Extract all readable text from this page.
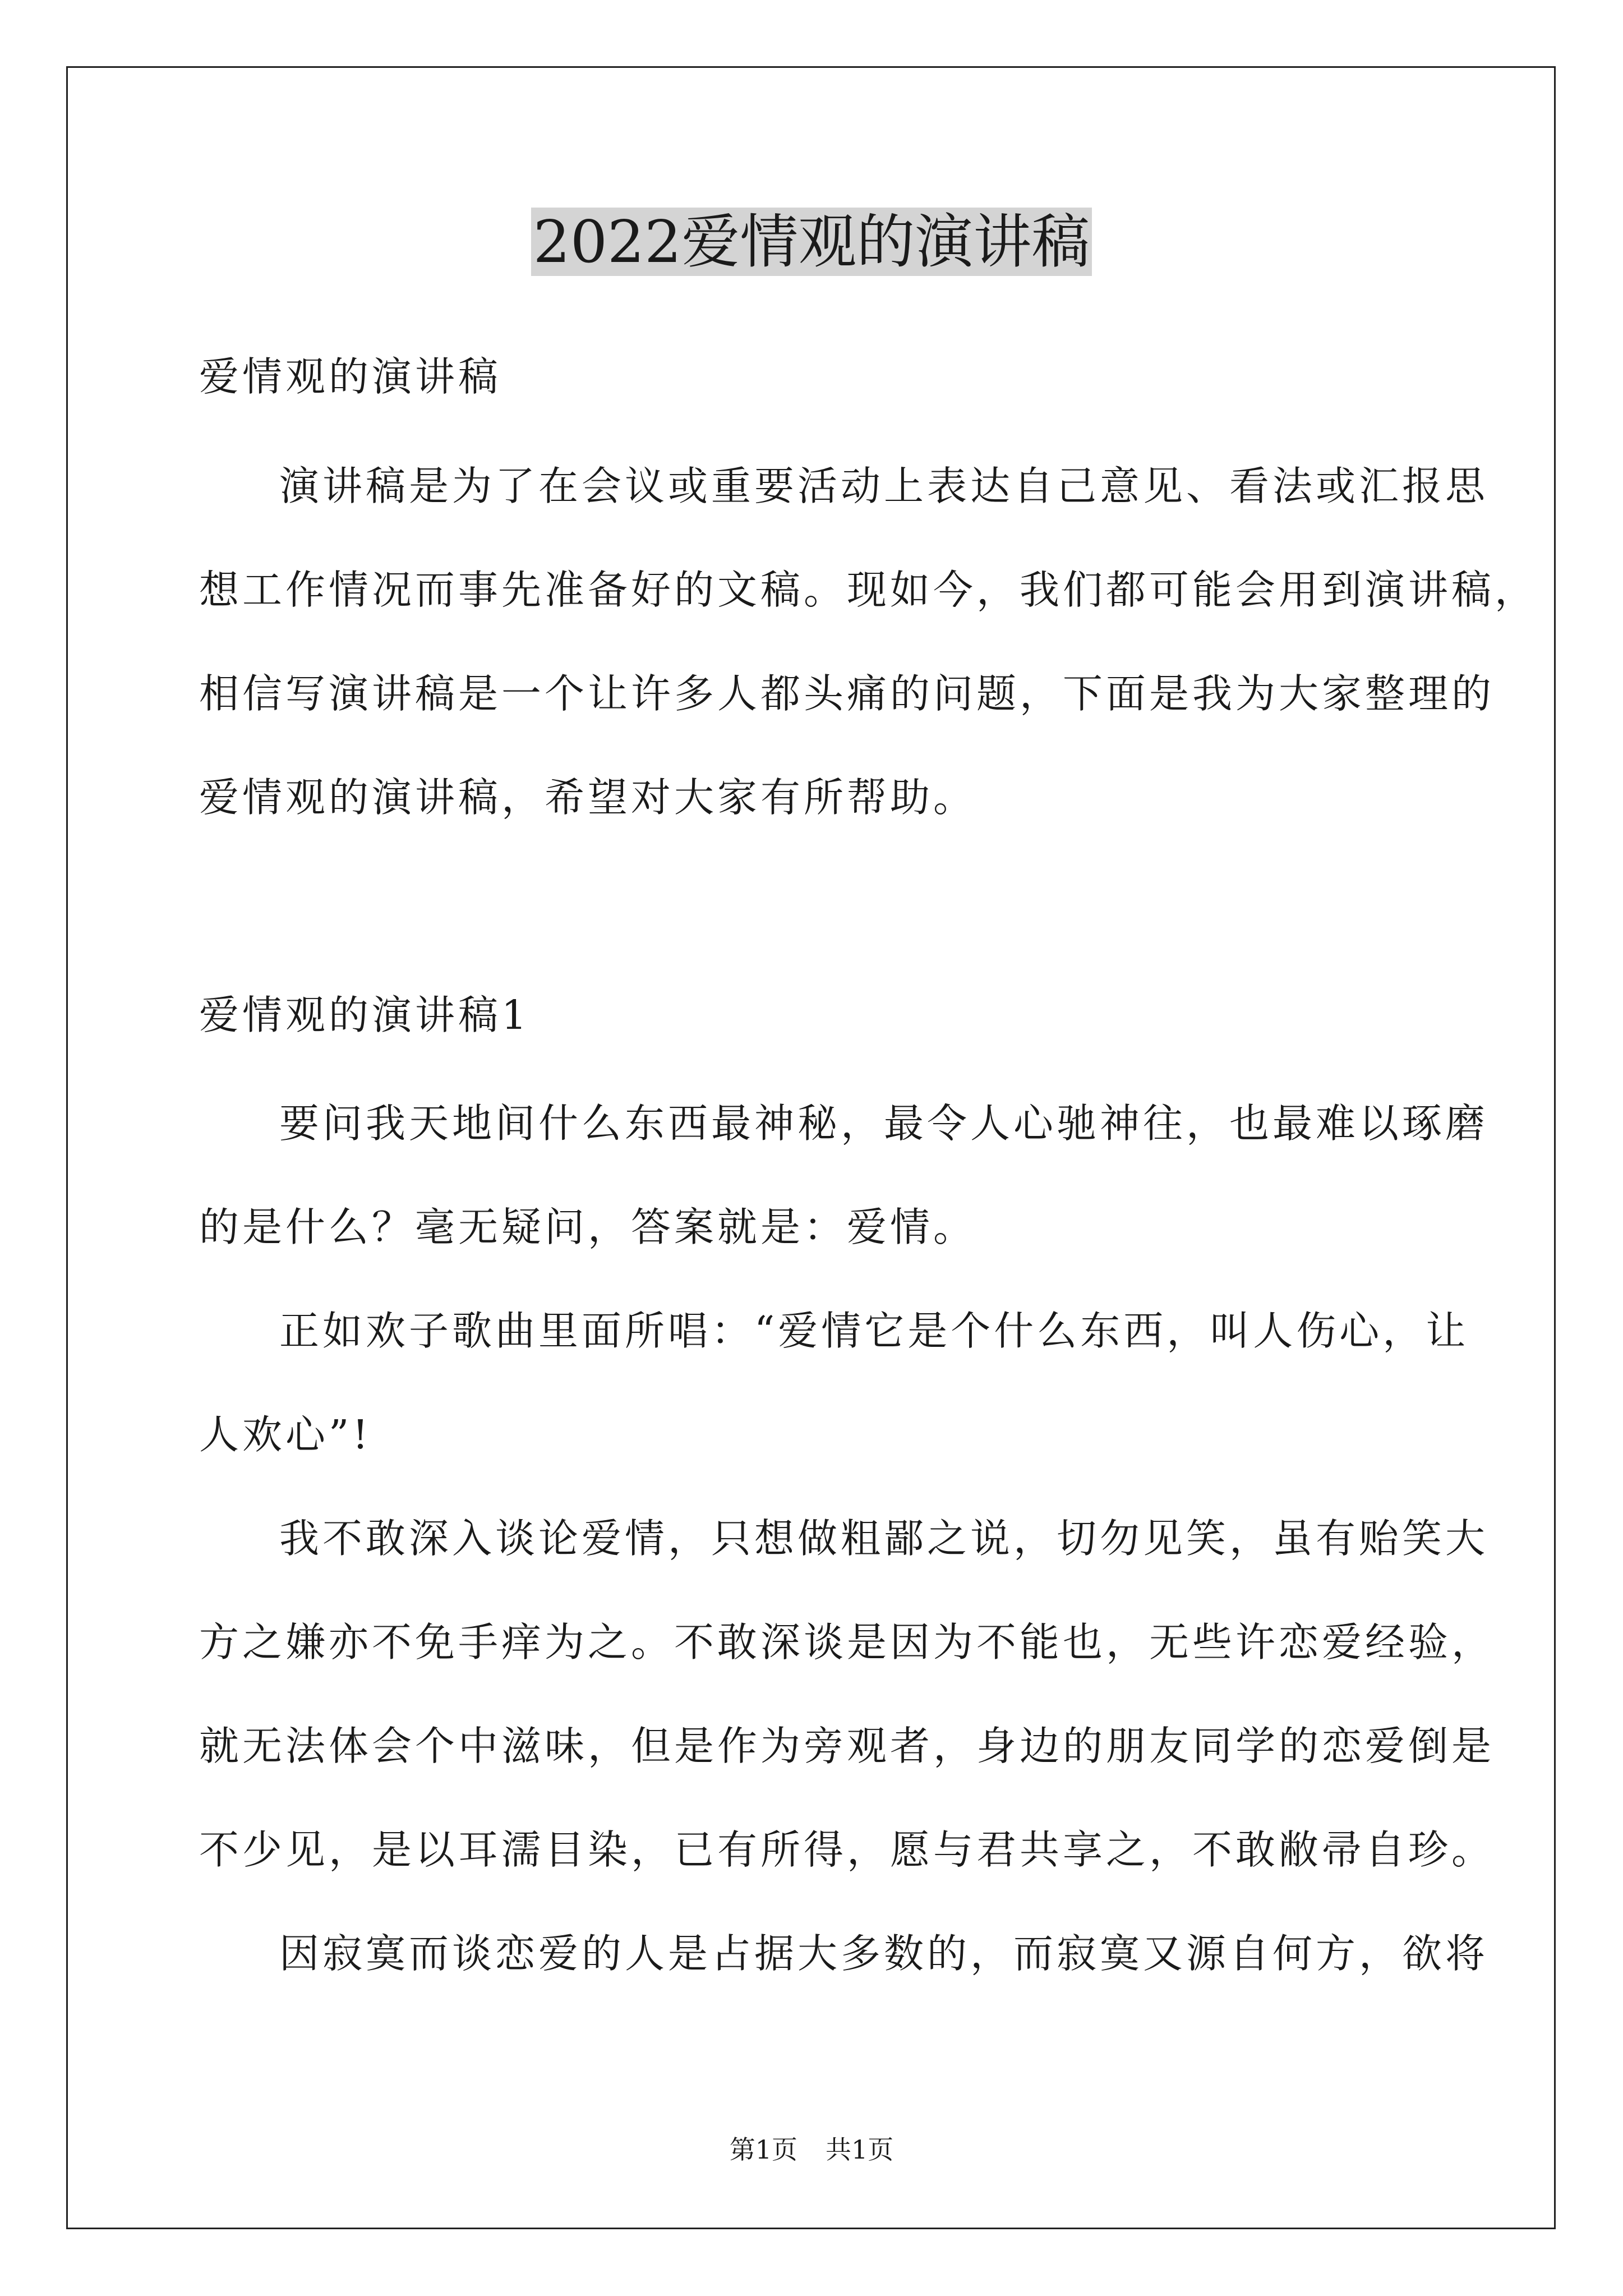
2022爱情观的演讲稿
爱情观的演讲稿
演讲稿是为了在会议或重要活动上表达自己意见、看法或汇报思
想工作情况而事先准备好的文稿。现如今，我们都可能会用到演讲稿，
相信写演讲稿是一个让许多人都头痛的问题，下面是我为大家整理的
爱情观的演讲稿，希望对大家有所帮助。
爱情观的演讲稿1
要问我天地间什么东西最神秘，最令人心驰神往，也最难以琢磨
的是什么？毫无疑问，答案就是：爱情。
正如欢子歌曲里面所唱：“爱情它是个什么东西，叫人伤心，让
人欢心”!
我不敢深入谈论爱情，只想做粗鄙之说，切勿见笑，虽有贻笑大
方之嫌亦不免手痒为之。不敢深谈是因为不能也，无些许恋爱经验，
就无法体会个中滋味，但是作为旁观者，身边的朋友同学的恋爱倒是
不少见，是以耳濡目染，已有所得，愿与君共享之，不敢敝帚自珍。
因寂寞而谈恋爱的人是占据大多数的，而寂寞又源自何方，欲将
第1页 共1页
